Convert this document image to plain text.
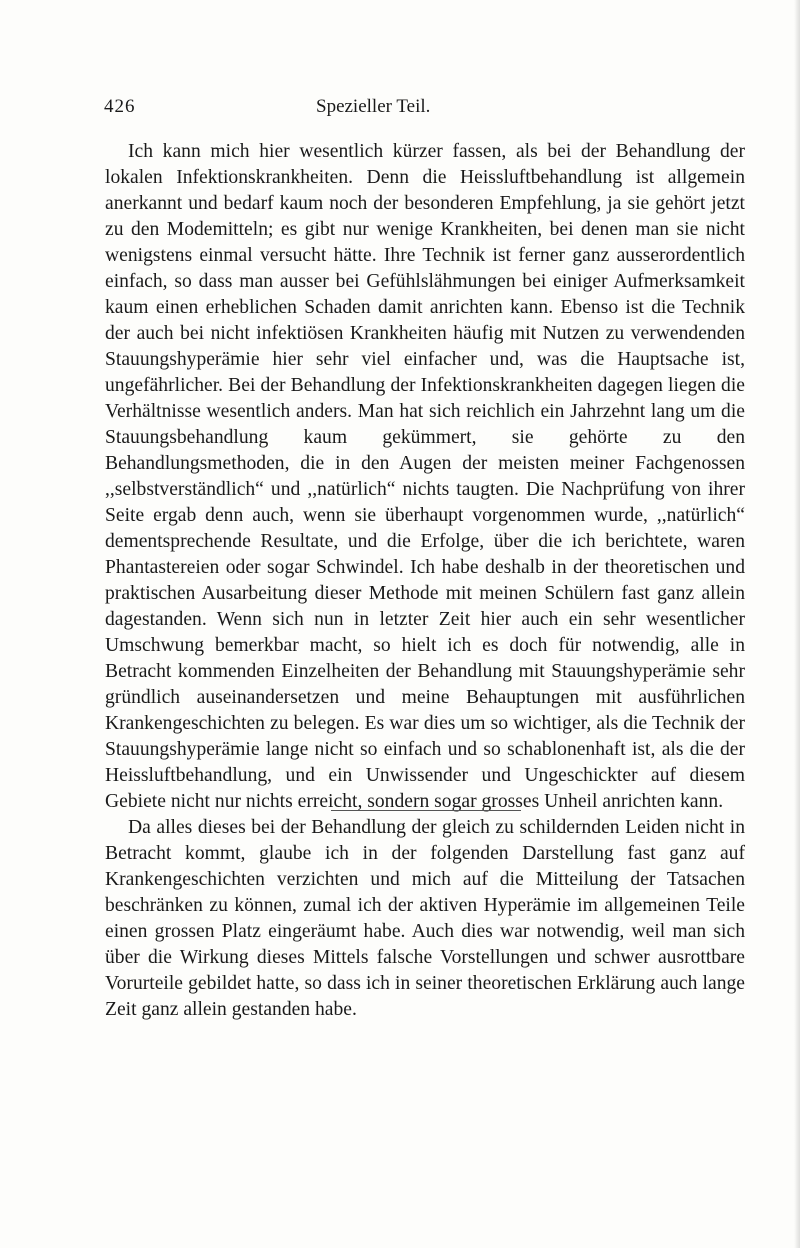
426	Spezieller Teil.

Ich kann mich hier wesentlich kürzer fassen, als bei der Behandlung der lokalen Infektionskrankheiten. Denn die Heissluftbehandlung ist allgemein anerkannt und bedarf kaum noch der besonderen Empfehlung, ja sie gehört jetzt zu den Modemitteln; es gibt nur wenige Krankheiten, bei denen man sie nicht wenigstens einmal versucht hätte. Ihre Technik ist ferner ganz ausserordentlich einfach, so dass man ausser bei Gefühlslähmungen bei einiger Aufmerksamkeit kaum einen erheblichen Schaden damit anrichten kann. Ebenso ist die Technik der auch bei nicht infektiösen Krankheiten häufig mit Nutzen zu verwendenden Stauungshyperämie hier sehr viel einfacher und, was die Hauptsache ist, ungefährlicher. Bei der Behandlung der Infektionskrankheiten dagegen liegen die Verhältnisse wesentlich anders. Man hat sich reichlich ein Jahrzehnt lang um die Stauungsbehandlung kaum gekümmert, sie gehörte zu den Behandlungsmethoden, die in den Augen der meisten meiner Fachgenossen ,,selbstverständlich“ und ,,natürlich“ nichts taugten. Die Nachprüfung von ihrer Seite ergab denn auch, wenn sie überhaupt vorgenommen wurde, ,,natürlich“ dementsprechende Resultate, und die Erfolge, über die ich berichtete, waren Phantastereien oder sogar Schwindel. Ich habe deshalb in der theoretischen und praktischen Ausarbeitung dieser Methode mit meinen Schülern fast ganz allein dagestanden. Wenn sich nun in letzter Zeit hier auch ein sehr wesentlicher Umschwung bemerkbar macht, so hielt ich es doch für notwendig, alle in Betracht kommenden Einzelheiten der Behandlung mit Stauungshyperämie sehr gründlich auseinandersetzen und meine Behauptungen mit ausführlichen Krankengeschichten zu belegen. Es war dies um so wichtiger, als die Technik der Stauungshyperämie lange nicht so einfach und so schablonenhaft ist, als die der Heissluftbehandlung, und ein Unwissender und Ungeschickter auf diesem Gebiete nicht nur nichts erreicht, sondern sogar grosses Unheil anrichten kann.

Da alles dieses bei der Behandlung der gleich zu schildernden Leiden nicht in Betracht kommt, glaube ich in der folgenden Darstellung fast ganz auf Krankengeschichten verzichten und mich auf die Mitteilung der Tatsachen beschränken zu können, zumal ich der aktiven Hyperämie im allgemeinen Teile einen grossen Platz eingeräumt habe. Auch dies war notwendig, weil man sich über die Wirkung dieses Mittels falsche Vorstellungen und schwer ausrottbare Vorurteile gebildet hatte, so dass ich in seiner theoretischen Erklärung auch lange Zeit ganz allein gestanden habe.
